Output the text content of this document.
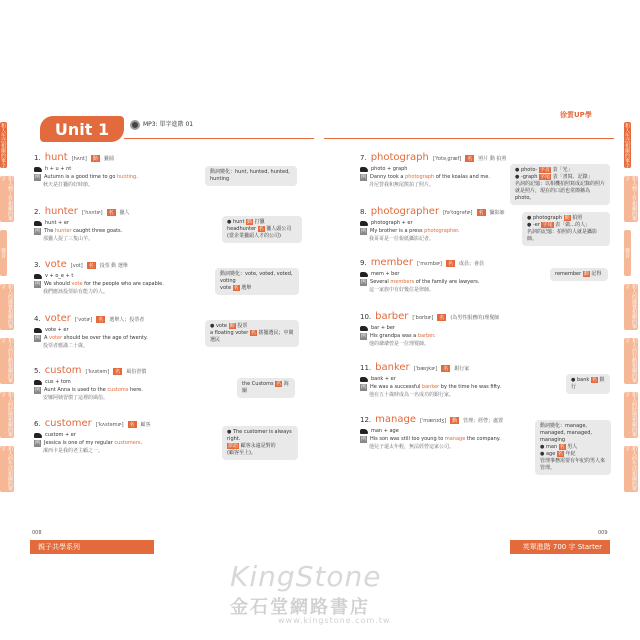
和人生活相關的單字
和人物工作相關的單字
聲音
和人的感覺相關的單字
和人的行動相關的單字
和人的狀態相關的單字
和人的生活相關的單字
和人生活相關的單字
和人物工作相關的單字
聲音
和人的感覺相關的單字
和人的行動相關的單字
和人的狀態相關的單字
和人的生活相關的單字
Unit 1	MP3: 單字進階 01
徐質UP學
1. hunt [hʌnt]	動	獵捕
h + u + nt
例 Autumn is a good time to go hunting.
秋天是打獵的好時節。
2. hunter [ˈhʌntɚ]	名	獵人
hunt + er
例 The hunter caught three goats.
那獵人捉了三隻山羊。
3. vote [vot]	名	投票 動 選舉
v + o_e + t
例 We should vote for the people who are capable.
我們應該投票給有能力的人。
4. voter [ˈvotɚ]	名	選舉人；投票者
vote + er
例 A voter should be over the age of twenty.
投票者應滿二十歲。
5. custom [ˈkʌstəm]	名	風俗習慣
cus + tom
例 Aunt Anna is used to the customs here.
安娜阿姨習慣了這裡的風俗。
6. customer [ˈkʌstəmɚ]	名	顧客
custom + er
例 Jessica is one of my regular customers.
潔西卡是我的老主顧之一。
7. photograph [ˈfotəˌgræf]	名	照片 動 拍照
photo + graph
例 Danny took a photograph of the koalas and me.
丹尼替我和無尾熊拍了照片。
8. photographer [fəˈtɑgrəfɚ]	名	攝影師
photograph + er
例 My brother is a press photographer.
我哥哥是一位報紙攝影記者。
9. member [ˈmɛmbɚ]	名	成員；會員
mem + ber
例 Several members of the family are lawyers.
這一家族中有好幾位是律師。
10. barber [ˈbɑrbɚ]	名	(為男性服務的)理髮師
bar + ber
例 His grandpa was a barber.
他的爺爺曾是一位理髮師。
11. banker [ˈbæŋkɚ]	名	銀行家
bank + er
例 He was a successful banker by the time he was fifty.
他在五十歲時成為一名成功的銀行家。
12. manage [ˈmænɪdʒ]	動	管理；經營；處置
man + age
例 His son was still too young to manage the company.
他兒子還太年輕，無法經營這家公司。
動詞變化：hunt, hunted, hunted, hunting
● hunt 動 打獵
headhunter 名 獵人頭公司
(當企業獵頭人才的公司)
動詞變化：vote, voted, voted, voting
vote 名 選舉
● vote 動 投票
a floating voter 名 搖擺選民；中間選民
the Customs 名 海關
● The customer is always right.
諺語 顧客永遠是對的
(顧客至上)。
● photo- 字首 表「光」
● -graph 字尾 表「書寫、記錄」
名詞的記憶：以相機拍照寫成記錄的照片就是照片，現在的口語也常簡稱為 photo。
● photograph 動 拍照
● -er 字尾 表「做…的人」
名詞的記憶：拍照的人就是攝影師。
remember 動 記得
● bank 名 銀行
動詞變化：manage, managed, managed, managing
● man 名 男人
● age 名 年紀
管理事務需要有年紀的男人來管理。
008	009
親子共學系列	英單進階 700 字 Starter
KingStone
金石堂網路書店
www.kingstone.com.tw
